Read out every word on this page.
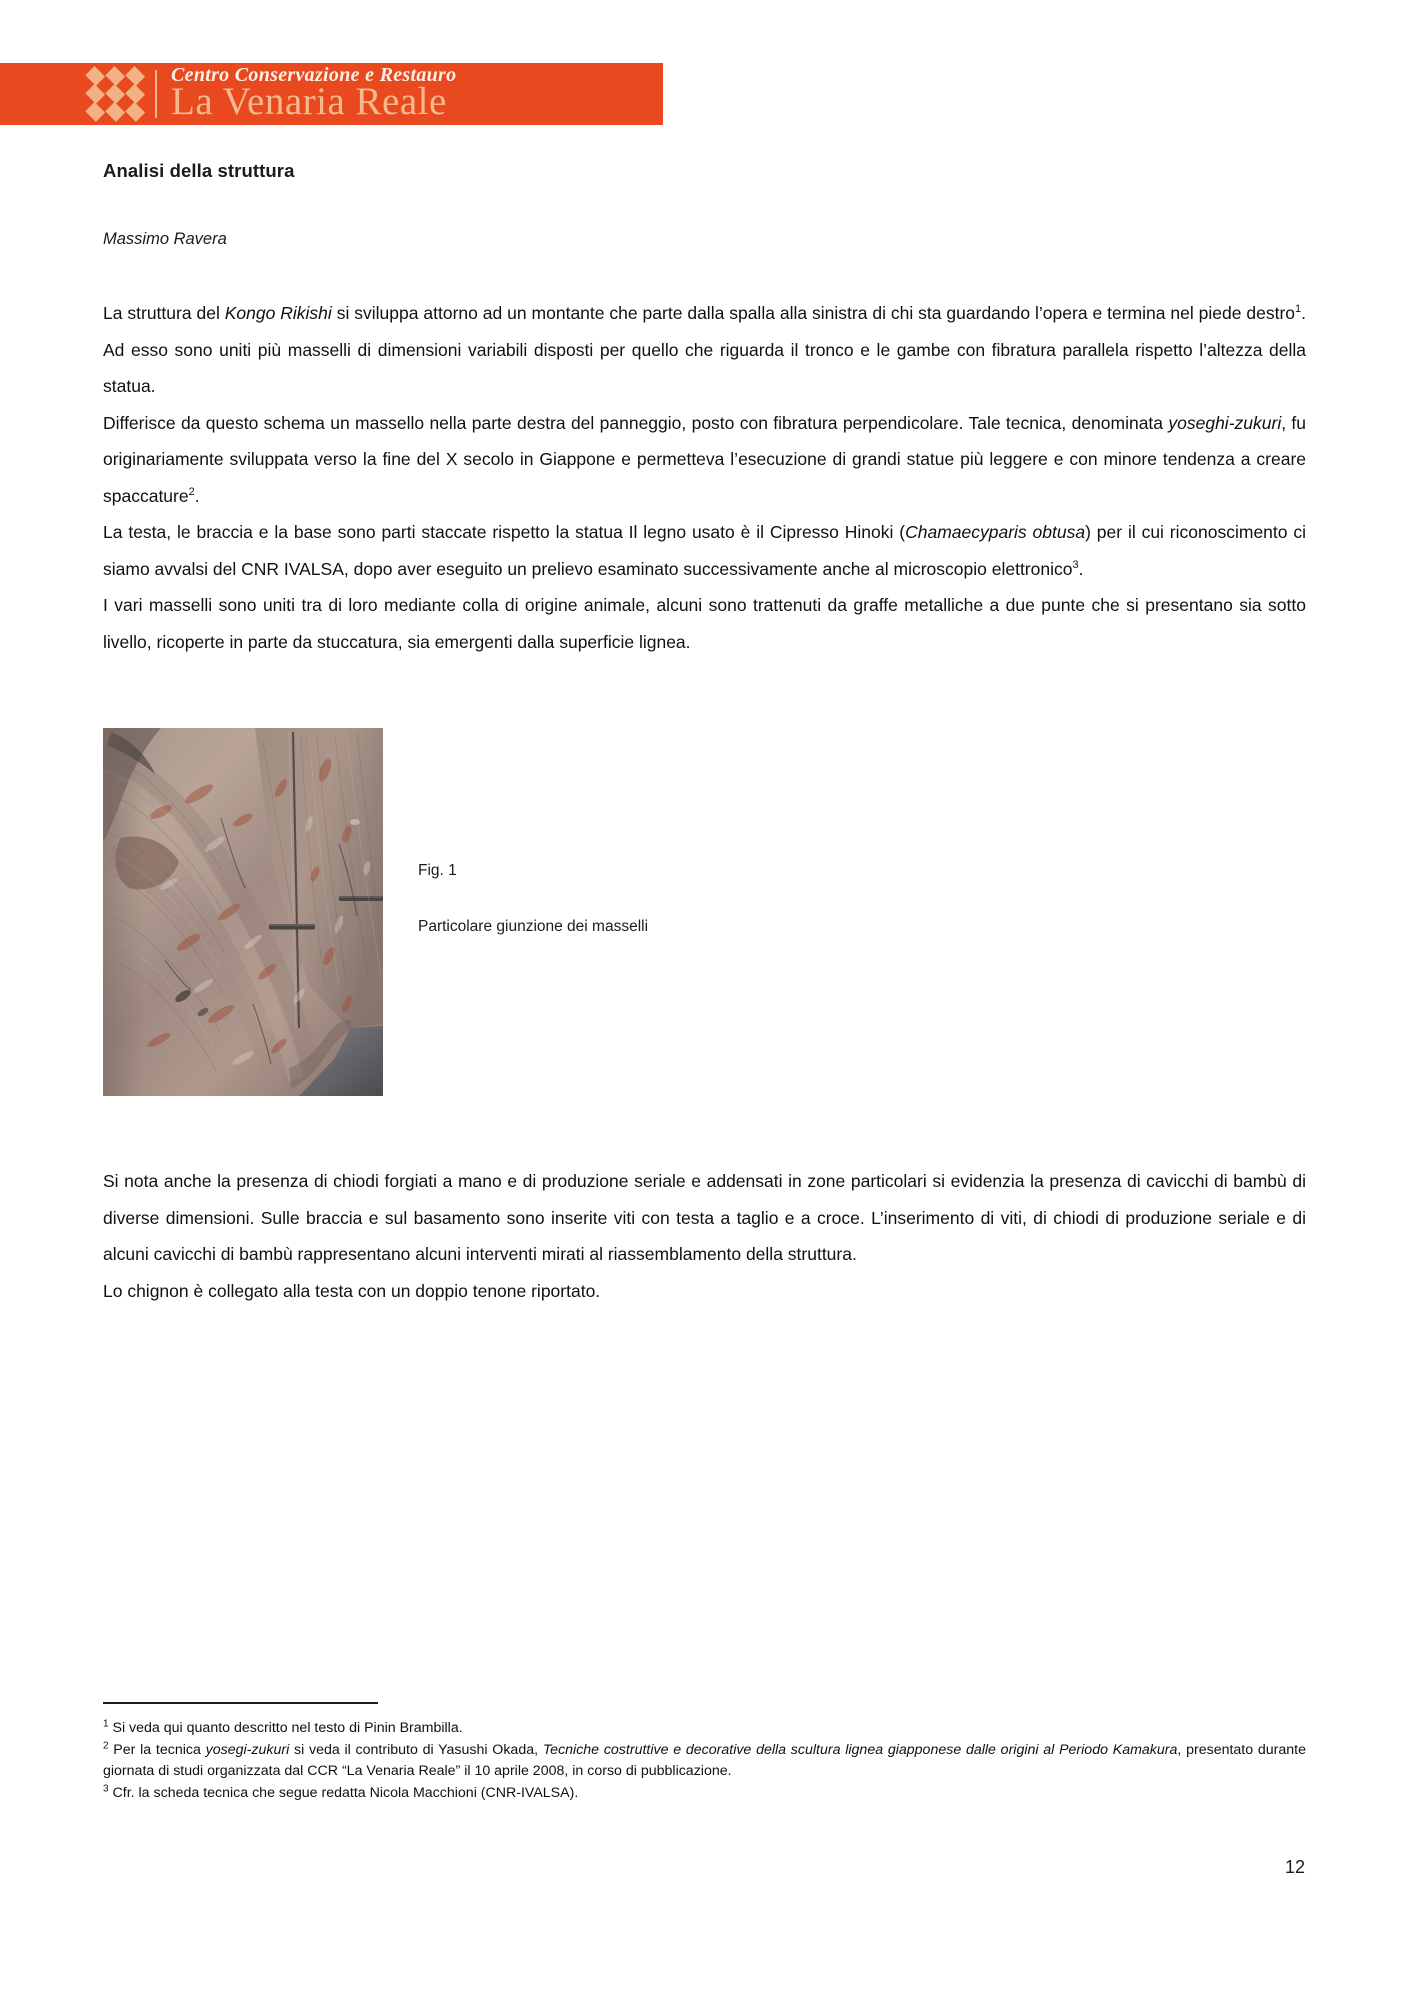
Centro Conservazione e Restauro
La Venaria Reale
Analisi della struttura
Massimo Ravera

La struttura del Kongo Rikishi si sviluppa attorno ad un montante che parte dalla spalla alla sinistra di chi sta guardando l’opera e termina nel piede destro$^1$. Ad esso sono uniti più masselli di dimensioni variabili disposti per quello che riguarda il tronco e le gambe con fibratura parallela rispetto l’altezza della statua.

Differisce da questo schema un massello nella parte destra del panneggio, posto con fibratura perpendicolare. Tale tecnica, denominata yoseghi-zukuri, fu originariamente sviluppata verso la fine del X secolo in Giappone e permetteva l’esecuzione di grandi statue più leggere e con minore tendenza a creare spaccature$^2$.

La testa, le braccia e la base sono parti staccate rispetto la statua Il legno usato è il Cipresso Hinoki (Chamaecyparis obtusa) per il cui riconoscimento ci siamo avvalsi del CNR IVALSA, dopo aver eseguito un prelievo esaminato successivamente anche al microscopio elettronico$^3$.

I vari masselli sono uniti tra di loro mediante colla di origine animale, alcuni sono trattenuti da graffe metalliche a due punte che si presentano sia sotto livello, ricoperte in parte da stuccatura, sia emergenti dalla superficie lignea.

Fig. 1

Particolare giunzione dei masselli

Si nota anche la presenza di chiodi forgiati a mano e di produzione seriale e addensati in zone particolari si evidenzia la presenza di cavicchi di bambù di diverse dimensioni. Sulle braccia e sul basamento sono inserite viti con testa a taglio e a croce. L’inserimento di viti, di chiodi di produzione seriale e di alcuni cavicchi di bambù rappresentano alcuni interventi mirati al riassemblamento della struttura.

Lo chignon è collegato alla testa con un doppio tenone riportato.

$^1$ Si veda qui quanto descritto nel testo di Pinin Brambilla.

$^2$ Per la tecnica yosegi-zukuri si veda il contributo di Yasushi Okada, Tecniche costruttive e decorative della scultura lignea giapponese dalle origini al Periodo Kamakura, presentato durante giornata di studi organizzata dal CCR “La Venaria Reale” il 10 aprile 2008, in corso di pubblicazione.

$^3$ Cfr. la scheda tecnica che segue redatta Nicola Macchioni (CNR-IVALSA).

12
